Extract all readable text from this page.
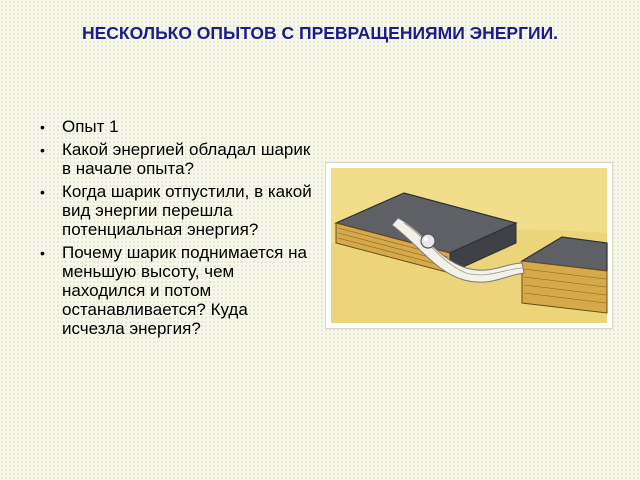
НЕСКОЛЬКО ОПЫТОВ С ПРЕВРАЩЕНИЯМИ ЭНЕРГИИ.
• Опыт 1
• Какой энергией обладал шарик в начале опыта?
• Когда шарик отпустили, в какой вид энергии перешла потенциальная энергия?
• Почему шарик поднимается на меньшую высоту, чем находился и потом останавливается? Куда исчезла энергия?
